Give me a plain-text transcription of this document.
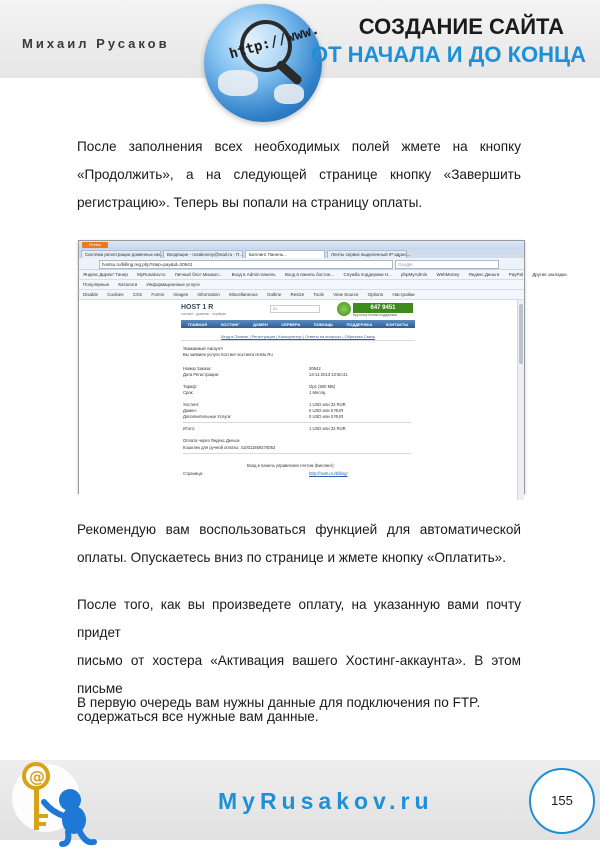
Михаил Русаков	http://www. СОЗДАНИЕ САЙТА
ОТ НАЧАЛА И ДО КОНЦА
После заполнения всех необходимых полей жмете на кнопку
«Продолжить», а на следующей странице кнопку «Завершить
регистрацию». Теперь вы попали на страницу оплаты.
Firefox
Система регистрации доменных им... Входящие - rusakovmy@mail.ru - П...	Биллинг Панель...	Ленты сервис выделенный IP адрес...
hostsu.ru/billing.reg.php?step=pay&id=20642	Google
Яндекс.Директ Танер MyRusakov.ru Личный блог Михаил... Вход в Admin-панель Вход в панель бостон... Служба поддержки H... phpMyAdmin WebMoney Яндекс.Деньги PayPal Другие закладки
Популярные Каталоги Информационные услуги
Disable Cookies CSS Forms Images Information Miscellaneous Outline Resize Tools View Source Options Настройки
HOST 1 R
хостинг · домены · серверы
81	647 9451
Круглосуточная поддержка
ГЛАВНАЯ	ХОСТИНГ	ДОМЕН	СЕРВЕРА	ПОМОЩЬ	ПОДДЕРЖКА	КОНТАКТЫ
Вход в Панель | Регистрация | Калькулятор | Ответы на вопросы | Обратная Связь
Уважаемый Аккаунт!
Вы заявили услуги Хостинг-хостинга Hostu.Ru
Номер Заказа:	20642
Дата Регистрации:	13-11-2013 10:50:41
Тариф:	Ор1 (500 МБ)
Срок:	1 Месяц
Хостинг:	1 USD или 33 RUR
Домен:	0 USD или 0 RUR
Дополнительные Услуги:	0 USD или 0 RUR
Итого:	1 USD или 33 RUR
Оплата через Яндекс.Деньги
Кошелек для ручной оплаты: 410011659276053
Вход в панель управления счетом (Биллинг):
Страница:	http://hostu.ru/billing/
Рекомендую вам воспользоваться функцией для автоматической
оплаты. Опускаетесь вниз по странице и жмете кнопку «Оплатить».
После того, как вы произведете оплату, на указанную вами почту придет
письмо от хостера «Активация вашего Хостинг-аккаунта». В этом письме
содержаться все нужные вам данные.
В первую очередь вам нужны данные для подключения по FTP.
@
MyRusakov.ru	155
